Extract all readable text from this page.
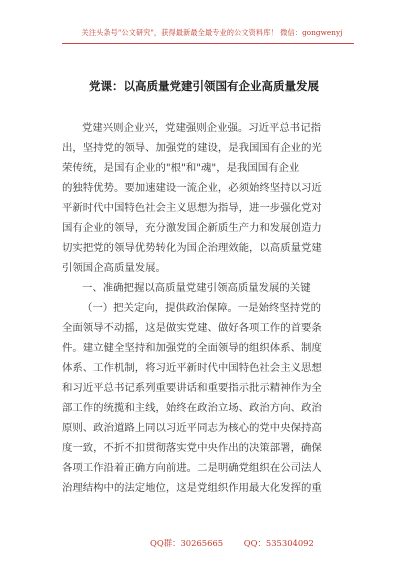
关注头条号"公文研究"，获得最新最全最专业的公文资料库！ 微信：gongwenyj
党课：以高质量党建引领国有企业高质量发展
党建兴则企业兴，党建强则企业强。习近平总书记指
出，坚持党的领导、加强党的建设，是我国国有企业的光
荣传统，是国有企业的"根"和"魂"，是我国国有企业
的独特优势。要加速建设一流企业，必须始终坚持以习近
平新时代中国特色社会主义思想为指导，进一步强化党对
国有企业的领导，充分激发国企新质生产力和发展创造力
切实把党的领导优势转化为国企治理效能，以高质量党建
引领国企高质量发展。
一、准确把握以高质量党建引领高质量发展的关键
（一）把关定向，提供政治保障。一是始终坚持党的
全面领导不动摇，这是做实党建、做好各项工作的首要条
件。建立健全坚持和加强党的全面领导的组织体系、制度
体系、工作机制，将习近平新时代中国特色社会主义思想
和习近平总书记系列重要讲话和重要指示批示精神作为全
部工作的统揽和主线，始终在政治立场、政治方向、政治
原则、政治道路上同以习近平同志为核心的党中央保持高
度一致，不折不扣贯彻落实党中央作出的决策部署，确保
各项工作沿着正确方向前进。二是明确党组织在公司法人
治理结构中的法定地位，这是党组织作用最大化发挥的重
QQ群：30265665 QQ：535304092
